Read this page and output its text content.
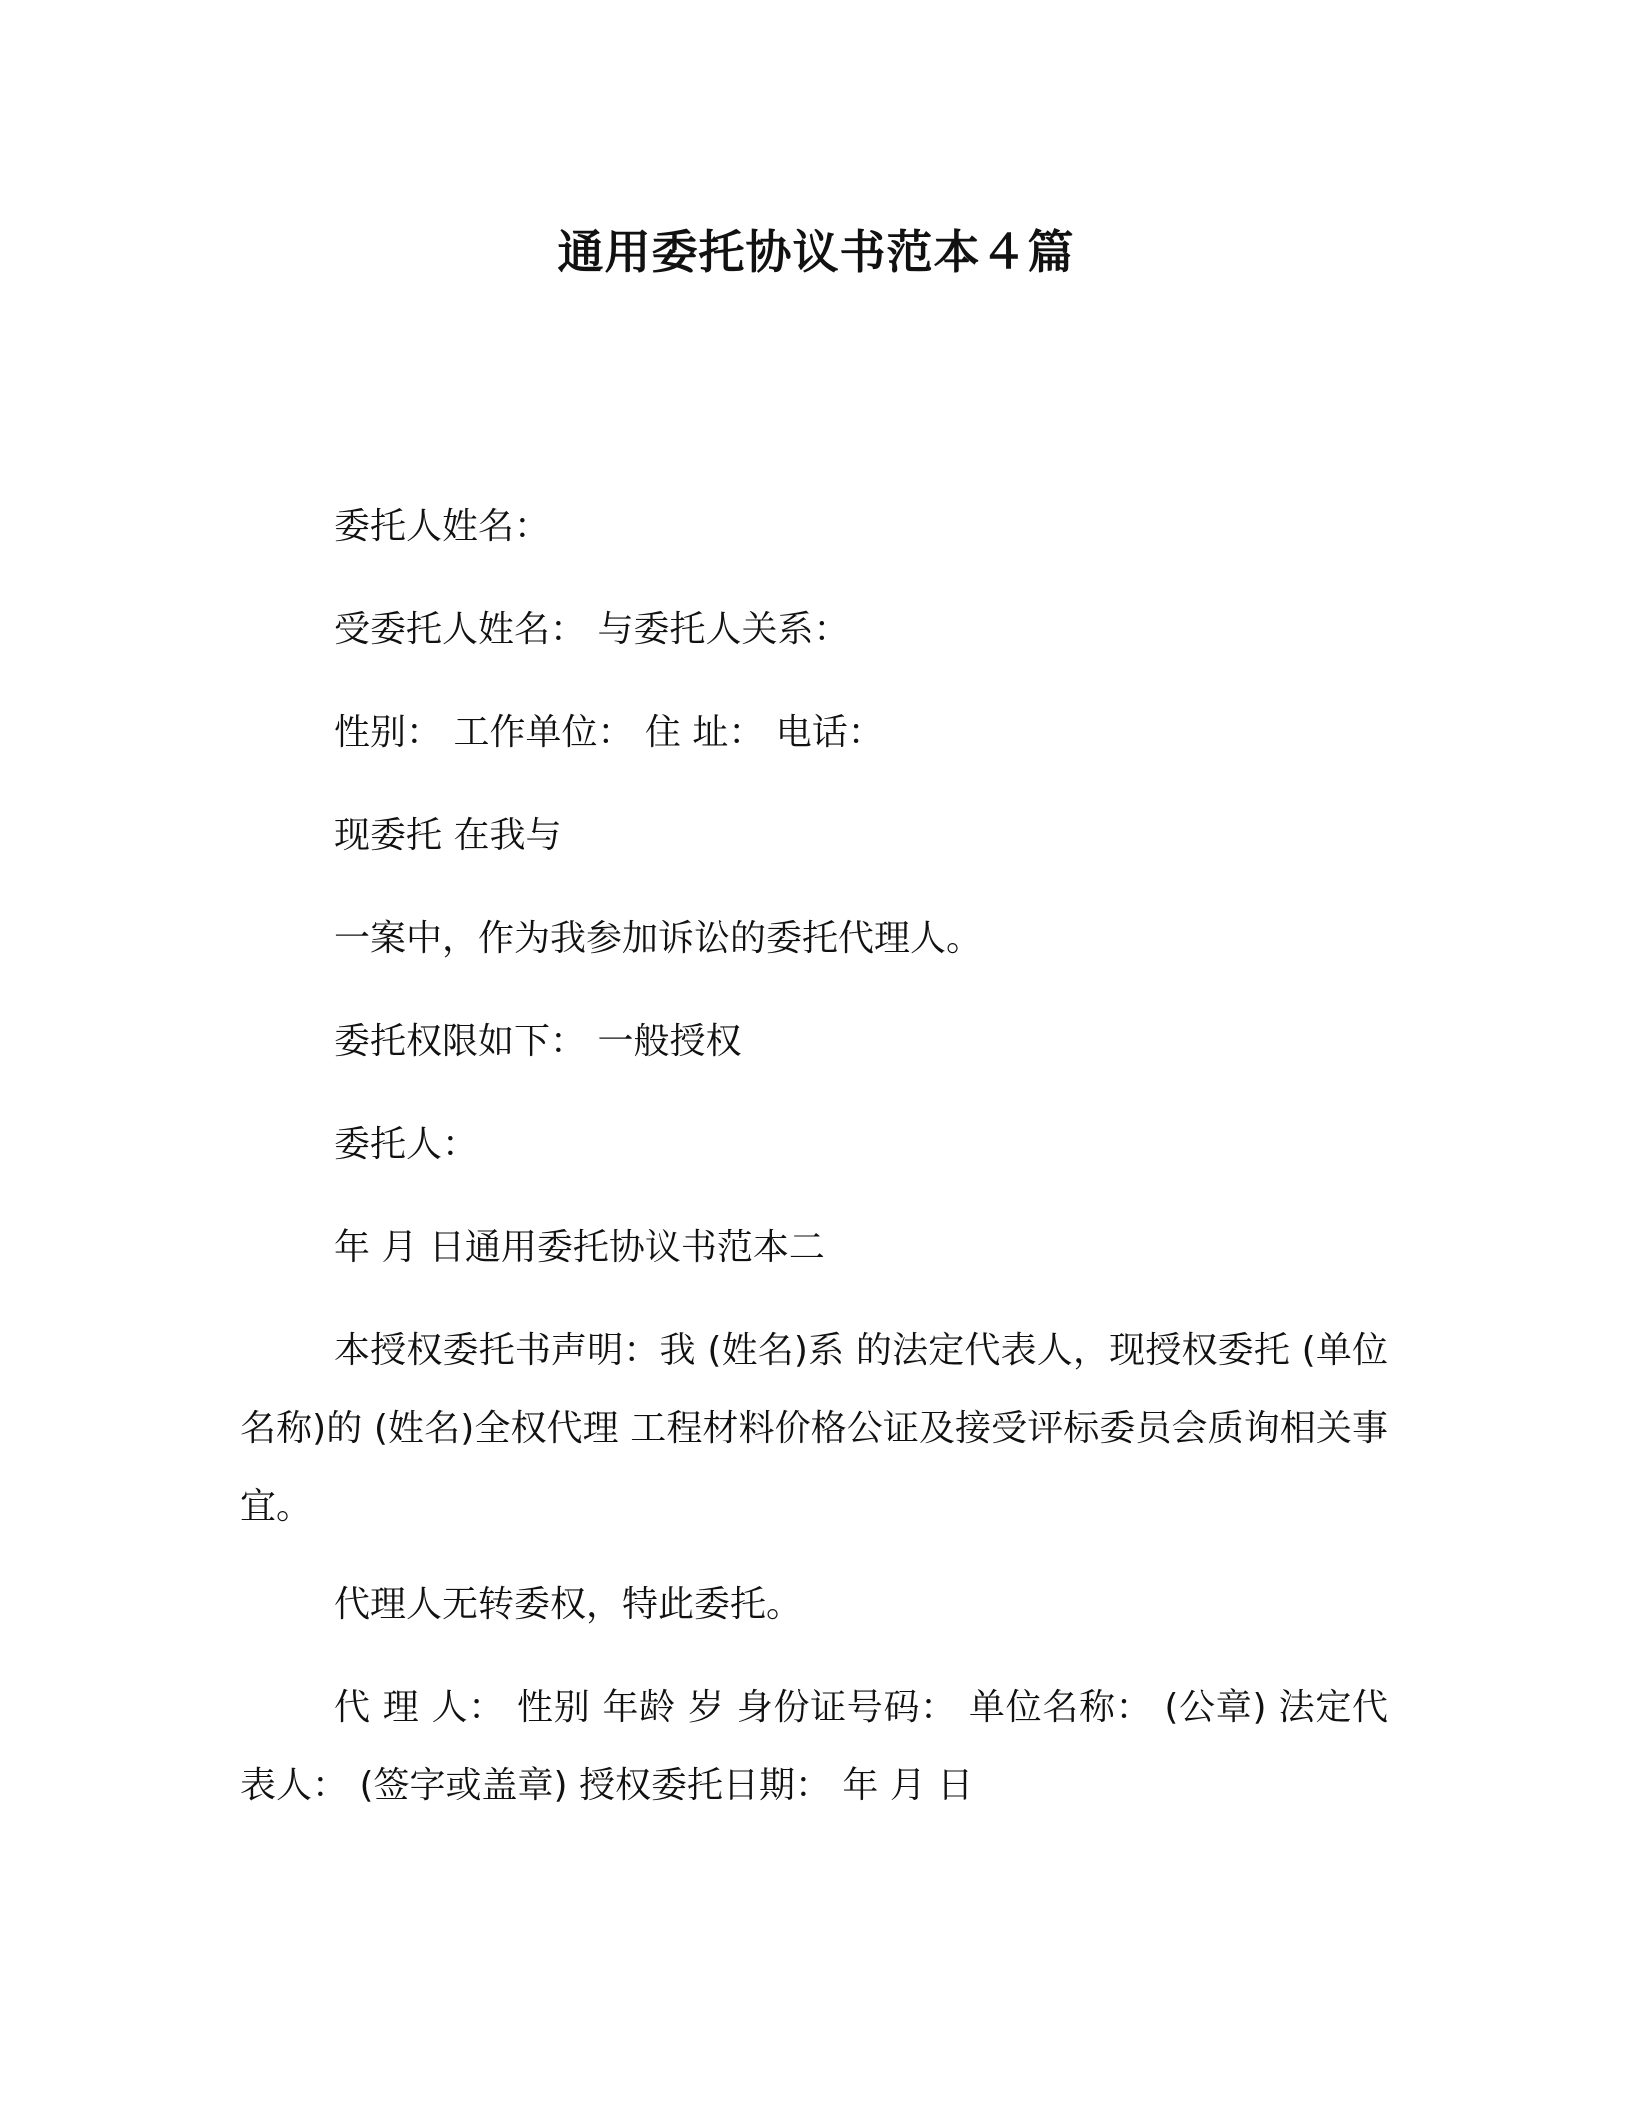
通用委托协议书范本４篇
委托人姓名：
受委托人姓名： 与委托人关系：
性别： 工作单位： 住 址： 电话：
现委托 在我与
一案中，作为我参加诉讼的委托代理人。
委托权限如下： 一般授权
委托人：
年 月 日通用委托协议书范本二
本授权委托书声明：我 (姓名)系 的法定代表人，现授权委托 (单位名称)的 (姓名)全权代理 工程材料价格公证及接受评标委员会质询相关事宜。
代理人无转委权，特此委托。
代 理 人： 性别 年龄 岁 身份证号码： 单位名称： (公章) 法定代表人： (签字或盖章) 授权委托日期： 年 月 日
